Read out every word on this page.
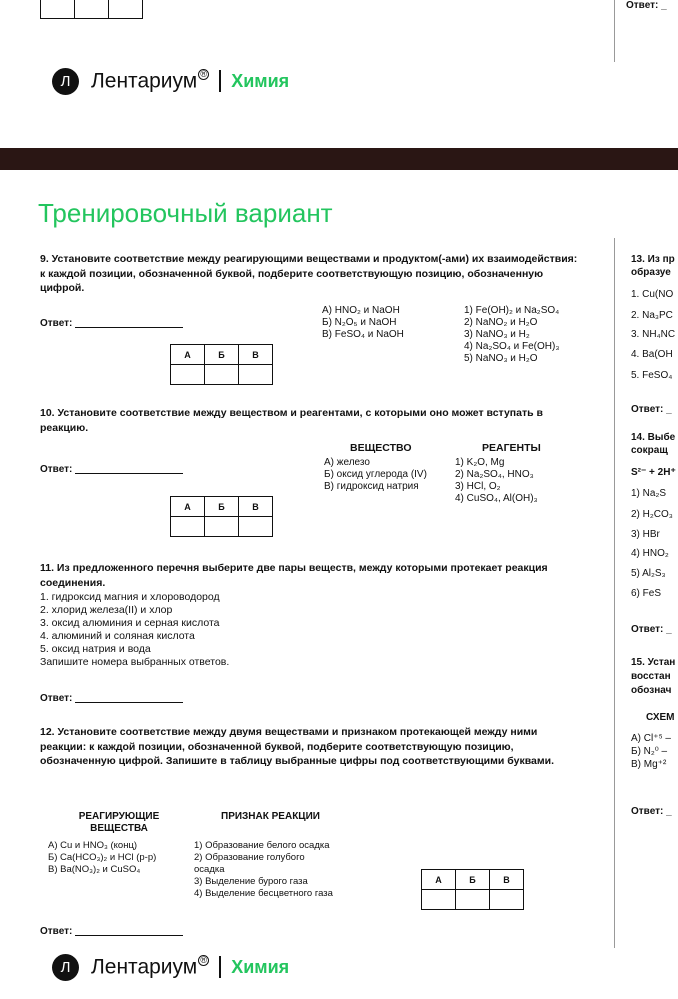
Ответ: _
Л Лентариум ® Химия
Тренировочный вариант
9. Установите соответствие между реагирующими веществами и продуктом(-ами) их взаимодействия: к каждой позиции, обозначенной буквой, подберите соответствующую позицию, обозначенную цифрой.
Ответ:
А	Б	В

А) HNO₂ и NaOH
Б) N₂O₅ и NaOH
В) FeSO₄ и NaOH
1) Fe(OH)₂ и Na₂SO₄
2) NaNO₂ и H₂O
3) NaNO₃ и H₂
4) Na₂SO₄ и Fe(OH)₃
5) NaNO₃ и H₂O
10. Установите соответствие между веществом и реагентами, с которыми оно может вступать в реакцию.
ВЕЩЕСТВО	РЕАГЕНТЫ
А) железо
Б) оксид углерода (IV)
В) гидроксид натрия
1) K₂O, Mg
2) Na₂SO₄, HNO₃
3) HCl, O₂
4) CuSO₄, Al(OH)₃
Ответ:
А	Б	В

11. Из предложенного перечня выберите две пары веществ, между которыми протекает реакция соединения.
1. гидроксид магния и хлороводород
2. хлорид железа(II) и хлор
3. оксид алюминия и серная кислота
4. алюминий и соляная кислота
5. оксид натрия и вода
Запишите номера выбранных ответов.
Ответ:
12. Установите соответствие между двумя веществами и признаком протекающей между ними реакции: к каждой позиции, обозначенной буквой, подберите соответствующую позицию, обозначенную цифрой. Запишите в таблицу выбранные цифры под соответствующими буквами.
РЕАГИРУЮЩИЕ ВЕЩЕСТВА
ПРИЗНАК РЕАКЦИИ
А) Cu и HNO₃ (конц)
Б) Ca(HCO₃)₂ и HCl (р-р)
В) Ba(NO₃)₂ и CuSO₄
1) Образование белого осадка
2) Образование голубого
осадка
3) Выделение бурого газа
4) Выделение бесцветного газа
А	Б	В

Ответ:
Л Лентариум ® Химия
13. Из пр
образуе
1. Cu(NO
2. Na₃PC
3. NH₄NC
4. Ba(OH
5. FeSO₄
Ответ: _
14. Выбе
сокращ
S²⁻ + 2H⁺
1) Na₂S
2) H₂CO₃
3) HBr
4) HNO₂
5) Al₂S₃
6) FeS
Ответ: _
15. Устан
восстан
обознач
СХЕМ
А) Cl⁺⁵ –
Б) N₂⁰ –
В) Mg⁺²
Ответ: _
